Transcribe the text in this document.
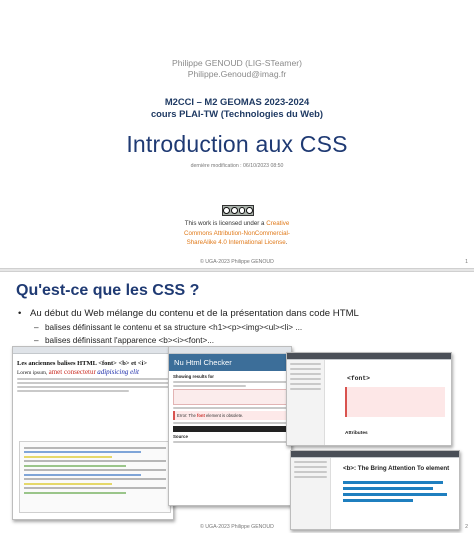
Philippe GENOUD (LIG-STeamer)
Philippe.Genoud@imag.fr
M2CCI – M2 GEOMAS 2023-2024
cours PLAI-TW (Technologies du Web)
Introduction aux CSS
dernière modification : 06/10/2023 08:50
This work is licensed under a Creative
Commons Attribution-NonCommercial-
ShareAlike 4.0 International License.
© UGA-2023 Philippe GENOUD	1
Qu'est-ce que les CSS ?
• Au début du Web mélange du contenu et de la présentation dans code HTML
– balises définissant le contenu et sa structure <h1><p><img><ul><li> ...
– balises définissant l'apparence <b><i><font>...
Les anciennes balises HTML <font> <b> et <i>
Lorem ipsum, amet consectetur adipisicing elit
Nu Html Checker
Showing results for
Error: The font element is obsolete.
Source
<font>
Attributes
<b>: The Bring Attention To element
© UGA-2023 Philippe GENOUD	2
